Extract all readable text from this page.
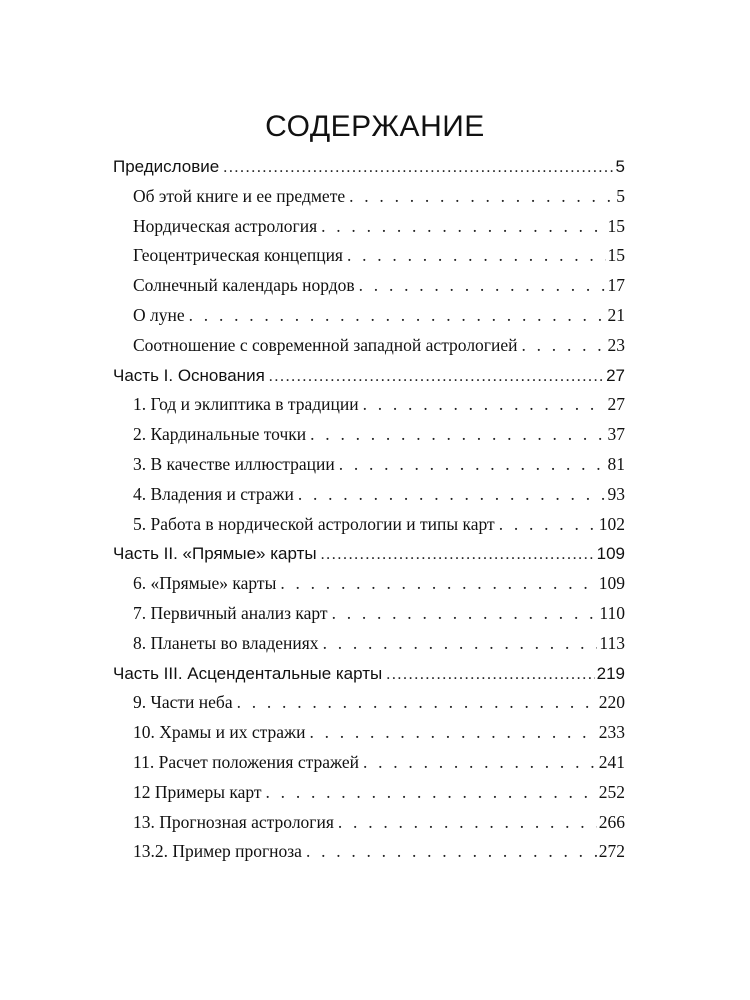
СОДЕРЖАНИЕ
Предисловие .....	5
Об этой книге и ее предмете . . .	5
Нордическая астрология . . .	15
Геоцентрическая концепция . . .	15
Солнечный календарь нордов . . .	17
О луне . . .	21
Соотношение с современной западной астрологией . . .	23
Часть I. Основания .....	27
1. Год и эклиптика в традиции . . .	27
2. Кардинальные точки . . .	37
3. В качестве иллюстрации . . .	81
4. Владения и стражи . . .	93
5. Работа в нордической астрологии и типы карт . . .	102
Часть II. «Прямые» карты .....	109
6. «Прямые» карты . . .	109
7. Первичный анализ карт . . .	110
8. Планеты во владениях . . .	113
Часть III. Асцендентальные карты .....	219
9. Части неба . . .	220
10. Храмы и их стражи . . .	233
11. Расчет положения стражей . . .	241
12 Примеры карт . . .	252
13. Прогнозная астрология . . .	266
13.2. Пример прогноза . . .	272
